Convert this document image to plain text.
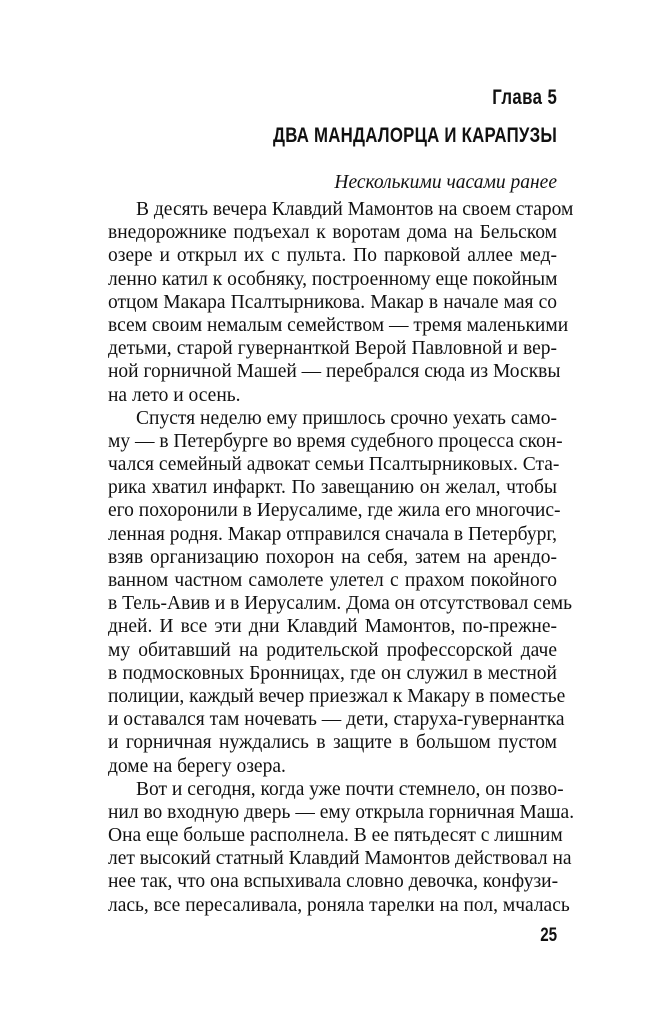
Глава 5
ДВА МАНДАЛОРЦА И КАРАПУЗЫ
Несколькими часами ранее
В десять вечера Клавдий Мамонтов на своем старом
внедорожнике подъехал к воротам дома на Бельском
озере и открыл их с пульта. По парковой аллее мед-
ленно катил к особняку, построенному еще покойным
отцом Макара Псалтырникова. Макар в начале мая со
всем своим немалым семейством — тремя маленькими
детьми, старой гувернанткой Верой Павловной и вер-
ной горничной Машей — перебрался сюда из Москвы
на лето и осень.
Спустя неделю ему пришлось срочно уехать само-
му — в Петербурге во время судебного процесса скон-
чался семейный адвокат семьи Псалтырниковых. Ста-
рика хватил инфаркт. По завещанию он желал, чтобы
его похоронили в Иерусалиме, где жила его многочис-
ленная родня. Макар отправился сначала в Петербург,
взяв организацию похорон на себя, затем на арендо-
ванном частном самолете улетел с прахом покойного
в Тель-Авив и в Иерусалим. Дома он отсутствовал семь
дней. И все эти дни Клавдий Мамонтов, по-прежне-
му обитавший на родительской профессорской даче
в подмосковных Бронницах, где он служил в местной
полиции, каждый вечер приезжал к Макару в поместье
и оставался там ночевать — дети, старуха-гувернантка
и горничная нуждались в защите в большом пустом
доме на берегу озера.
Вот и сегодня, когда уже почти стемнело, он позво-
нил во входную дверь — ему открыла горничная Маша.
Она еще больше располнела. В ее пятьдесят с лишним
лет высокий статный Клавдий Мамонтов действовал на
нее так, что она вспыхивала словно девочка, конфузи-
лась, все пересаливала, роняла тарелки на пол, мчалась
25
